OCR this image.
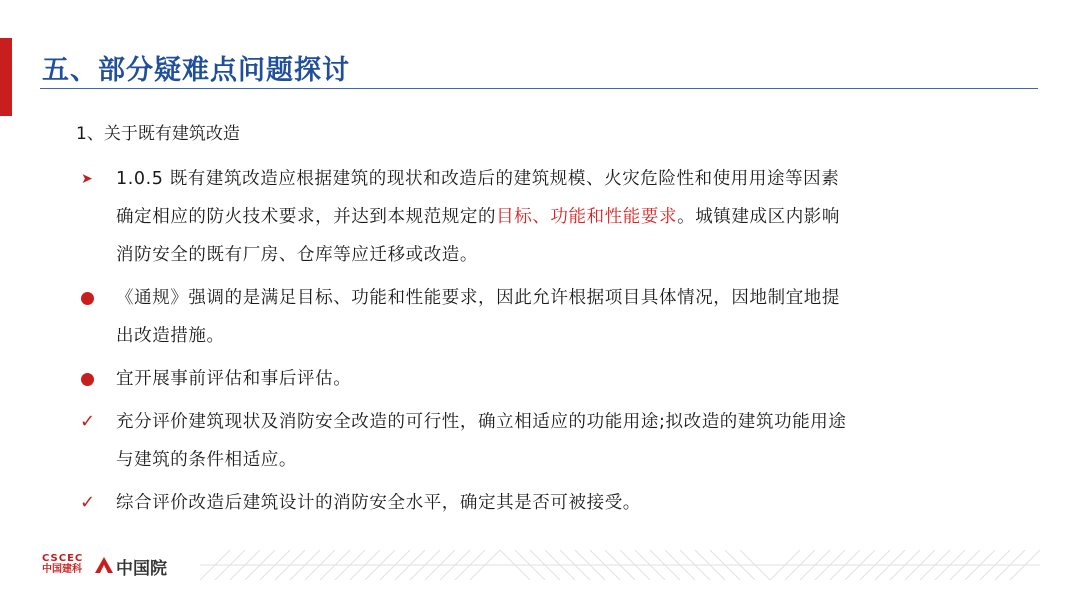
五、部分疑难点问题探讨
1、关于既有建筑改造
➤ 1.0.5 既有建筑改造应根据建筑的现状和改造后的建筑规模、火灾危险性和使用用途等因素
确定相应的防火技术要求，并达到本规范规定的目标、功能和性能要求。城镇建成区内影响
消防安全的既有厂房、仓库等应迁移或改造。
《通规》强调的是满足目标、功能和性能要求，因此允许根据项目具体情况，因地制宜地提
出改造措施。
宜开展事前评估和事后评估。
✓ 充分评价建筑现状及消防安全改造的可行性，确立相适应的功能用途;拟改造的建筑功能用途
与建筑的条件相适应。
✓ 综合评价改造后建筑设计的消防安全水平，确定其是否可被接受。
CSCEC
中国建科 中国院
